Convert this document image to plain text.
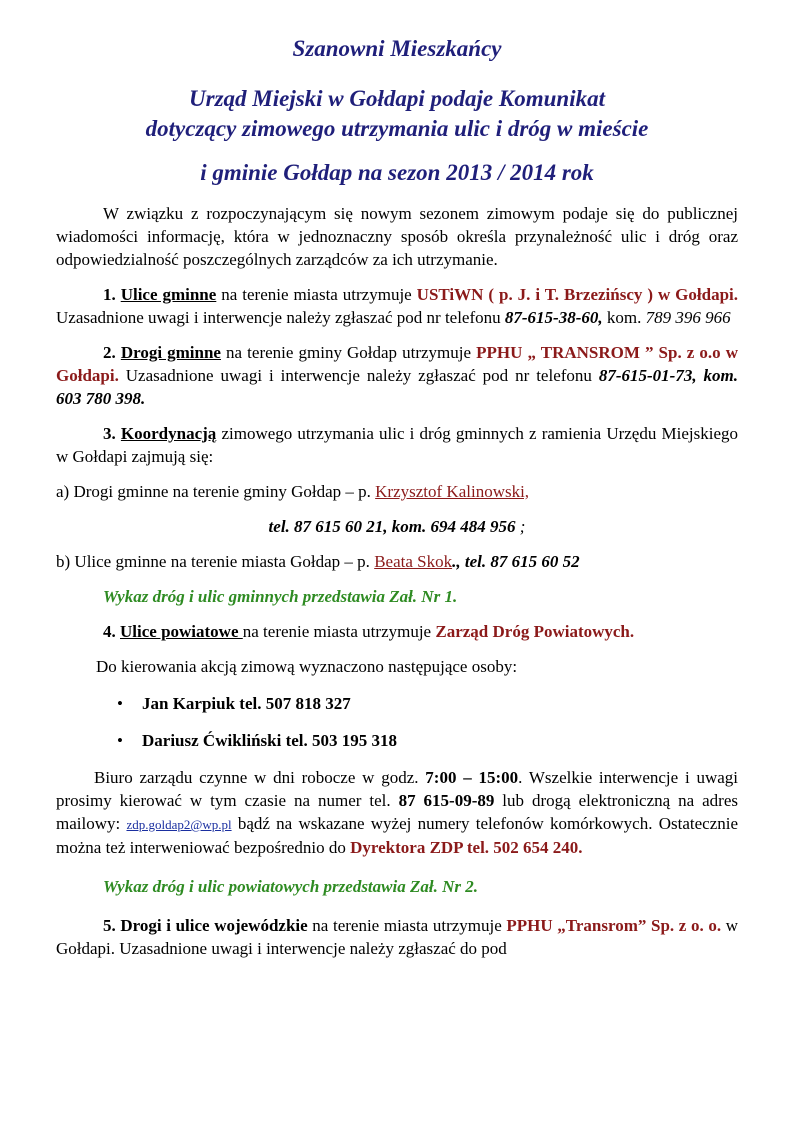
Szanowni Mieszkańcy
Urząd Miejski w Gołdapi podaje Komunikat
dotyczący zimowego utrzymania ulic i dróg w mieście
i gminie Gołdap na sezon 2013 / 2014 rok

W związku z rozpoczynającym się nowym sezonem zimowym podaje się do publicznej wiadomości informację, która w jednoznaczny sposób określa przynależność ulic i dróg oraz odpowiedzialność poszczególnych zarządców za ich utrzymanie.

1. Ulice gminne na terenie miasta utrzymuje USTiWN ( p. J. i T. Brzezińscy ) w Gołdapi. Uzasadnione uwagi i interwencje należy zgłaszać pod nr telefonu 87-615-38-60, kom. 789 396 966

2. Drogi gminne na terenie gminy Gołdap utrzymuje PPHU „ TRANSROM ” Sp. z o.o w Gołdapi. Uzasadnione uwagi i interwencje należy zgłaszać pod nr telefonu 87-615-01-73, kom. 603 780 398.

3. Koordynacją zimowego utrzymania ulic i dróg gminnych z ramienia Urzędu Miejskiego w Gołdapi zajmują się:

a) Drogi gminne na terenie gminy Gołdap – p. Krzysztof Kalinowski,

tel. 87 615 60 21, kom. 694 484 956 ;

b) Ulice gminne na terenie miasta Gołdap – p. Beata Skok., tel. 87 615 60 52

Wykaz dróg i ulic gminnych przedstawia Zał. Nr 1.

4. Ulice powiatowe na terenie miasta utrzymuje Zarząd Dróg Powiatowych.

Do kierowania akcją zimową wyznaczono następujące osoby:

• Jan Karpiuk tel. 507 818 327
• Dariusz Ćwikliński tel. 503 195 318

Biuro zarządu czynne w dni robocze w godz. 7:00 – 15:00. Wszelkie interwencje i uwagi prosimy kierować w tym czasie na numer tel. 87 615-09-89 lub drogą elektroniczną na adres mailowy: zdp.goldap2@wp.pl bądź na wskazane wyżej numery telefonów komórkowych. Ostatecznie można też interweniować bezpośrednio do Dyrektora ZDP tel. 502 654 240.

Wykaz dróg i ulic powiatowych przedstawia Zał. Nr 2.

5. Drogi i ulice wojewódzkie na terenie miasta utrzymuje PPHU „Transrom” Sp. z o. o. w Gołdapi. Uzasadnione uwagi i interwencje należy zgłaszać do pod
